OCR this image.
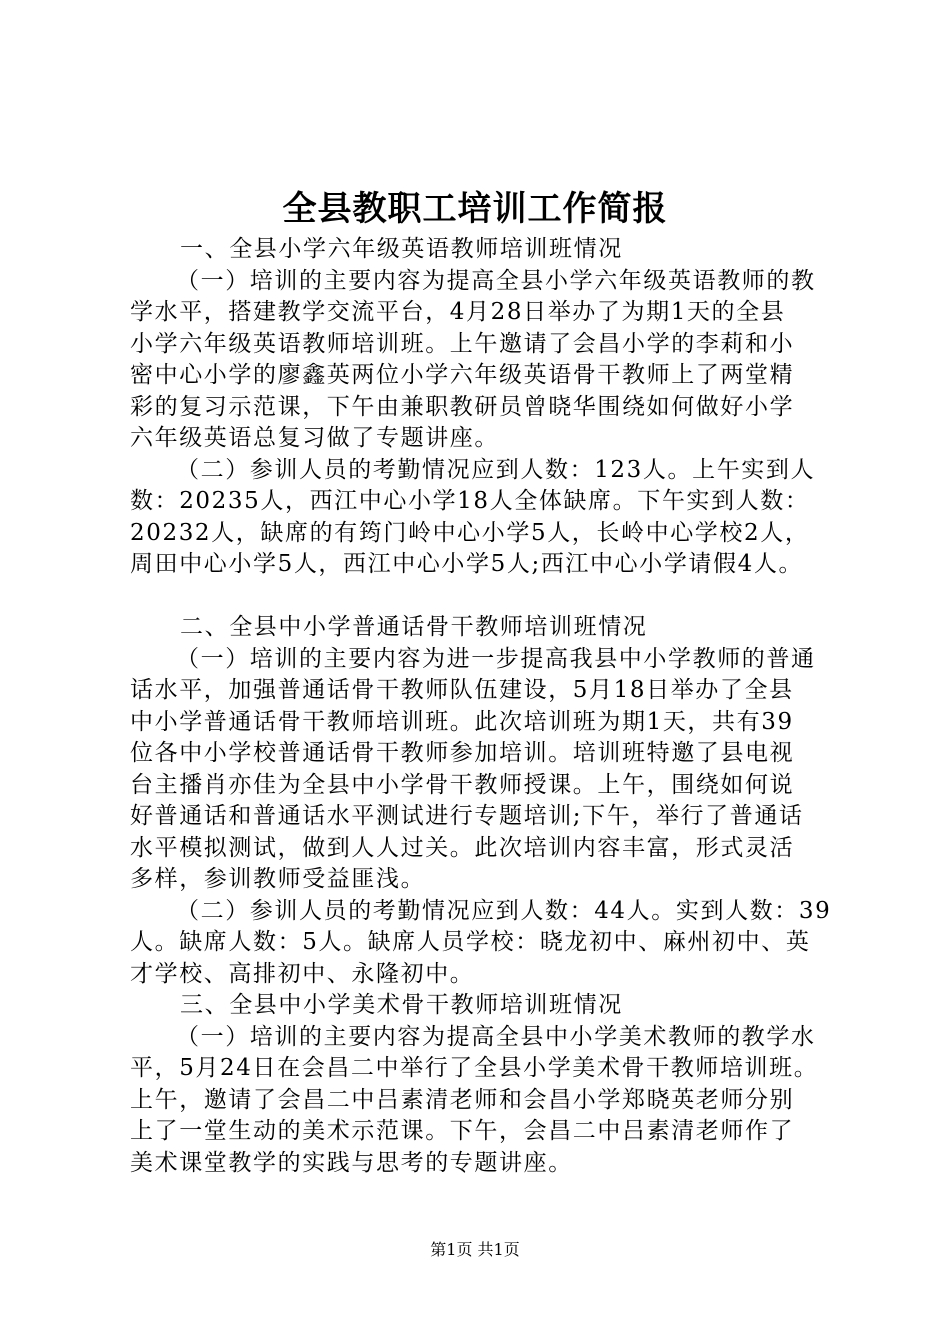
全县教职工培训工作简报
一、全县小学六年级英语教师培训班情况
（一）培训的主要内容为提高全县小学六年级英语教师的教
学水平，搭建教学交流平台，4月28日举办了为期1天的全县
小学六年级英语教师培训班。上午邀请了会昌小学的李莉和小
密中心小学的廖鑫英两位小学六年级英语骨干教师上了两堂精
彩的复习示范课，下午由兼职教研员曾晓华围绕如何做好小学
六年级英语总复习做了专题讲座。
（二）参训人员的考勤情况应到人数：123人。上午实到人
数：20235人，西江中心小学18人全体缺席。下午实到人数：
20232人，缺席的有筠门岭中心小学5人，长岭中心学校2人，
周田中心小学5人，西江中心小学5人;西江中心小学请假4人。
二、全县中小学普通话骨干教师培训班情况
（一）培训的主要内容为进一步提高我县中小学教师的普通
话水平，加强普通话骨干教师队伍建设，5月18日举办了全县
中小学普通话骨干教师培训班。此次培训班为期1天，共有39
位各中小学校普通话骨干教师参加培训。培训班特邀了县电视
台主播肖亦佳为全县中小学骨干教师授课。上午，围绕如何说
好普通话和普通话水平测试进行专题培训;下午，举行了普通话
水平模拟测试，做到人人过关。此次培训内容丰富，形式灵活
多样，参训教师受益匪浅。
（二）参训人员的考勤情况应到人数：44人。实到人数：39
人。缺席人数：5人。缺席人员学校：晓龙初中、麻州初中、英
才学校、高排初中、永隆初中。
三、全县中小学美术骨干教师培训班情况
（一）培训的主要内容为提高全县中小学美术教师的教学水
平，5月24日在会昌二中举行了全县小学美术骨干教师培训班。
上午，邀请了会昌二中吕素清老师和会昌小学郑晓英老师分别
上了一堂生动的美术示范课。下午，会昌二中吕素清老师作了
美术课堂教学的实践与思考的专题讲座。
第1页 共1页
